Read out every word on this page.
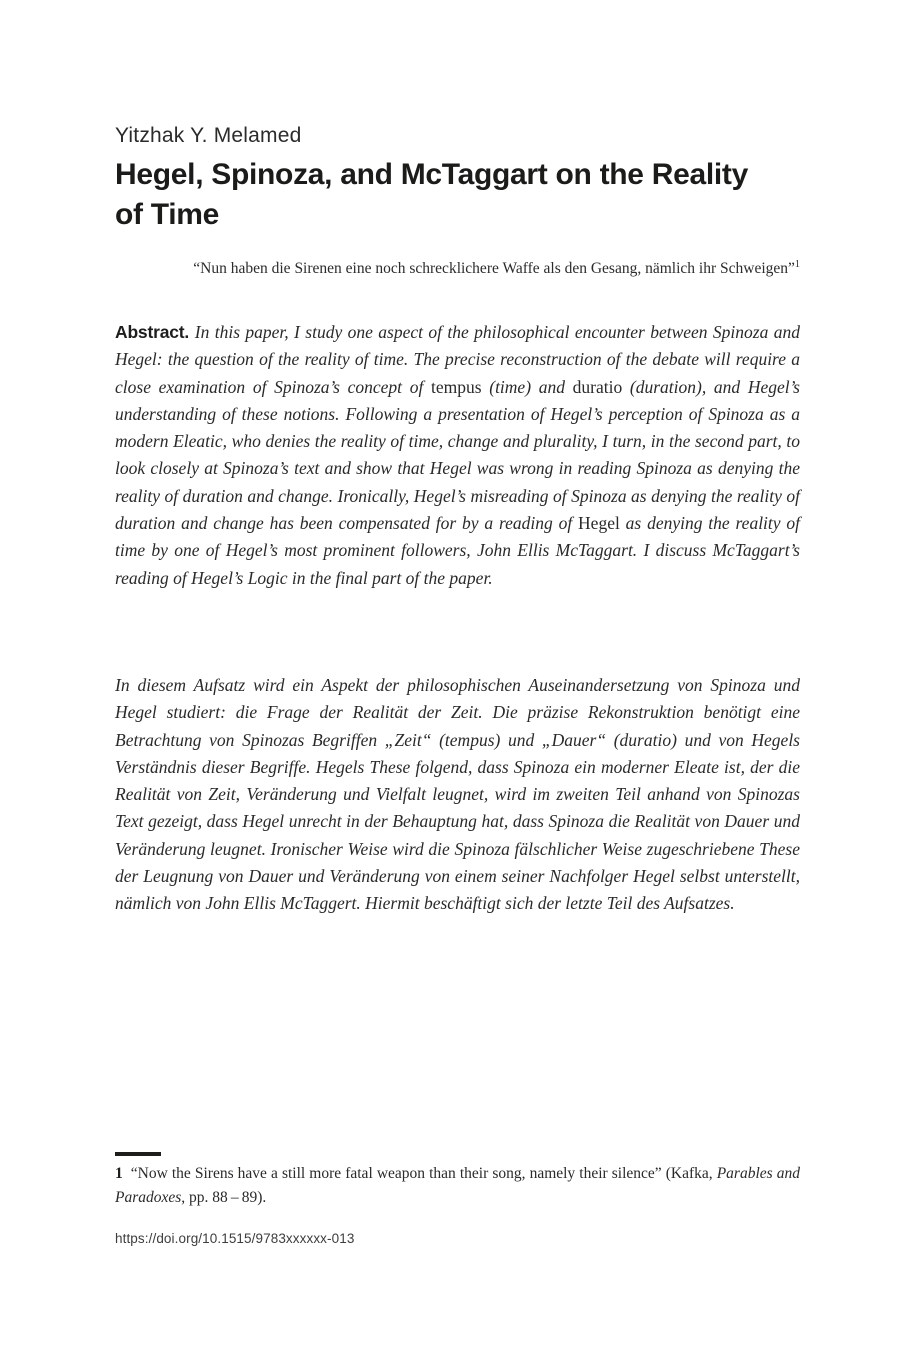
Yitzhak Y. Melamed
Hegel, Spinoza, and McTaggart on the Reality of Time
“Nun haben die Sirenen eine noch schrecklichere Waffe als den Gesang, nämlich ihr Schweigen”$^1$
Abstract. In this paper, I study one aspect of the philosophical encounter between Spinoza and Hegel: the question of the reality of time. The precise reconstruction of the debate will require a close examination of Spinoza’s concept of tempus (time) and duratio (duration), and Hegel’s understanding of these notions. Following a presentation of Hegel’s perception of Spinoza as a modern Eleatic, who denies the reality of time, change and plurality, I turn, in the second part, to look closely at Spinoza’s text and show that Hegel was wrong in reading Spinoza as denying the reality of duration and change. Ironically, Hegel’s misreading of Spinoza as denying the reality of duration and change has been compensated for by a reading of Hegel as denying the reality of time by one of Hegel’s most prominent followers, John Ellis McTaggart. I discuss McTaggart’s reading of Hegel’s Logic in the final part of the paper.
In diesem Aufsatz wird ein Aspekt der philosophischen Auseinandersetzung von Spinoza und Hegel studiert: die Frage der Realität der Zeit. Die präzise Rekonstruktion benötigt eine Betrachtung von Spinozas Begriffen „Zeit“ (tempus) und „Dauer“ (duratio) und von Hegels Verständnis dieser Begriffe. Hegels These folgend, dass Spinoza ein moderner Eleate ist, der die Realität von Zeit, Veränderung und Vielfalt leugnet, wird im zweiten Teil anhand von Spinozas Text gezeigt, dass Hegel unrecht in der Behauptung hat, dass Spinoza die Realität von Dauer und Veränderung leugnet. Ironischer Weise wird die Spinoza fälschlicher Weise zugeschriebene These der Leugnung von Dauer und Veränderung von einem seiner Nachfolger Hegel selbst unterstellt, nämlich von John Ellis McTaggert. Hiermit beschäftigt sich der letzte Teil des Aufsatzes.
1 “Now the Sirens have a still more fatal weapon than their song, namely their silence” (Kafka, Parables and Paradoxes, pp. 88 – 89).
https://doi.org/10.1515/9783xxxxxx-013
